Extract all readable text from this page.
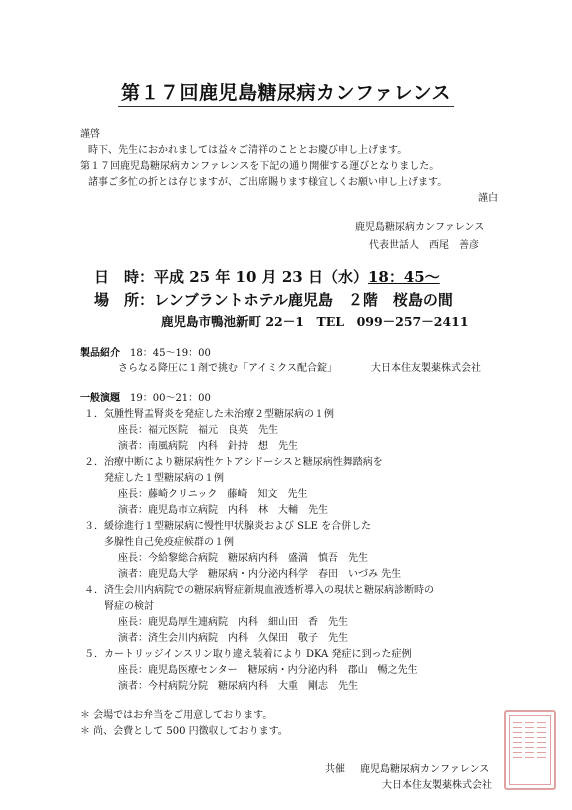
第１７回鹿児島糖尿病カンファレンス
謹啓
時下、先生におかれましては益々ご清祥のこととお慶び申し上げます。
第１７回鹿児島糖尿病カンファレンスを下記の通り開催する運びとなりました。
諸事ご多忙の折とは存じますが、ご出席賜ります様宜しくお願い申し上げます。
謹白
鹿児島糖尿病カンファレンス
代表世話人　西尾　善彦
日　時：平成 25 年 10 月 23 日（水）18：45～
場　所：レンブラントホテル鹿児島　２階　桜島の間
鹿児島市鴨池新町 22－1　TEL　099－257－2411
製品紹介　 18：45～19：00
さらなる降圧に１剤で挑む「アイミクス配合錠」	大日本住友製薬株式会社
一般演題　 19：00～21：00
１．気腫性腎盂腎炎を発症した未治療２型糖尿病の１例
座長：福元医院　福元　良英　先生
演者：南風病院　内科　針持　想　先生
２．治療中断により糖尿病性ケトアシドーシスと糖尿病性舞踏病を
発症した１型糖尿病の１例
座長：藤崎クリニック　藤崎　知文　先生
演者：鹿児島市立病院　内科　林　大輔　先生
３．緩徐進行１型糖尿病に慢性甲状腺炎および SLE を合併した
多腺性自己免疫症候群の１例
座長：今給黎総合病院　糖尿病内科　盛満　慎吾　先生
演者：鹿児島大学　糖尿病・内分泌内科学　春田　いづみ 先生
４．済生会川内病院での糖尿病腎症新規血液透析導入の現状と糖尿病診断時の
腎症の検討
座長：鹿児島厚生連病院　内科　細山田　香　先生
演者：済生会川内病院　内科　久保田　敬子　先生
５．カートリッジインスリン取り違え装着により DKA 発症に到った症例
座長：鹿児島医療センター　糖尿病・内分泌内科　郡山　暢之先生
演者：今村病院分院　糖尿病内科　大重　剛志　先生
＊ 会場ではお弁当をご用意しております。
＊ 尚、会費として 500 円徴収しております。
共催 鹿児島糖尿病カンファレンス
大日本住友製薬株式会社
